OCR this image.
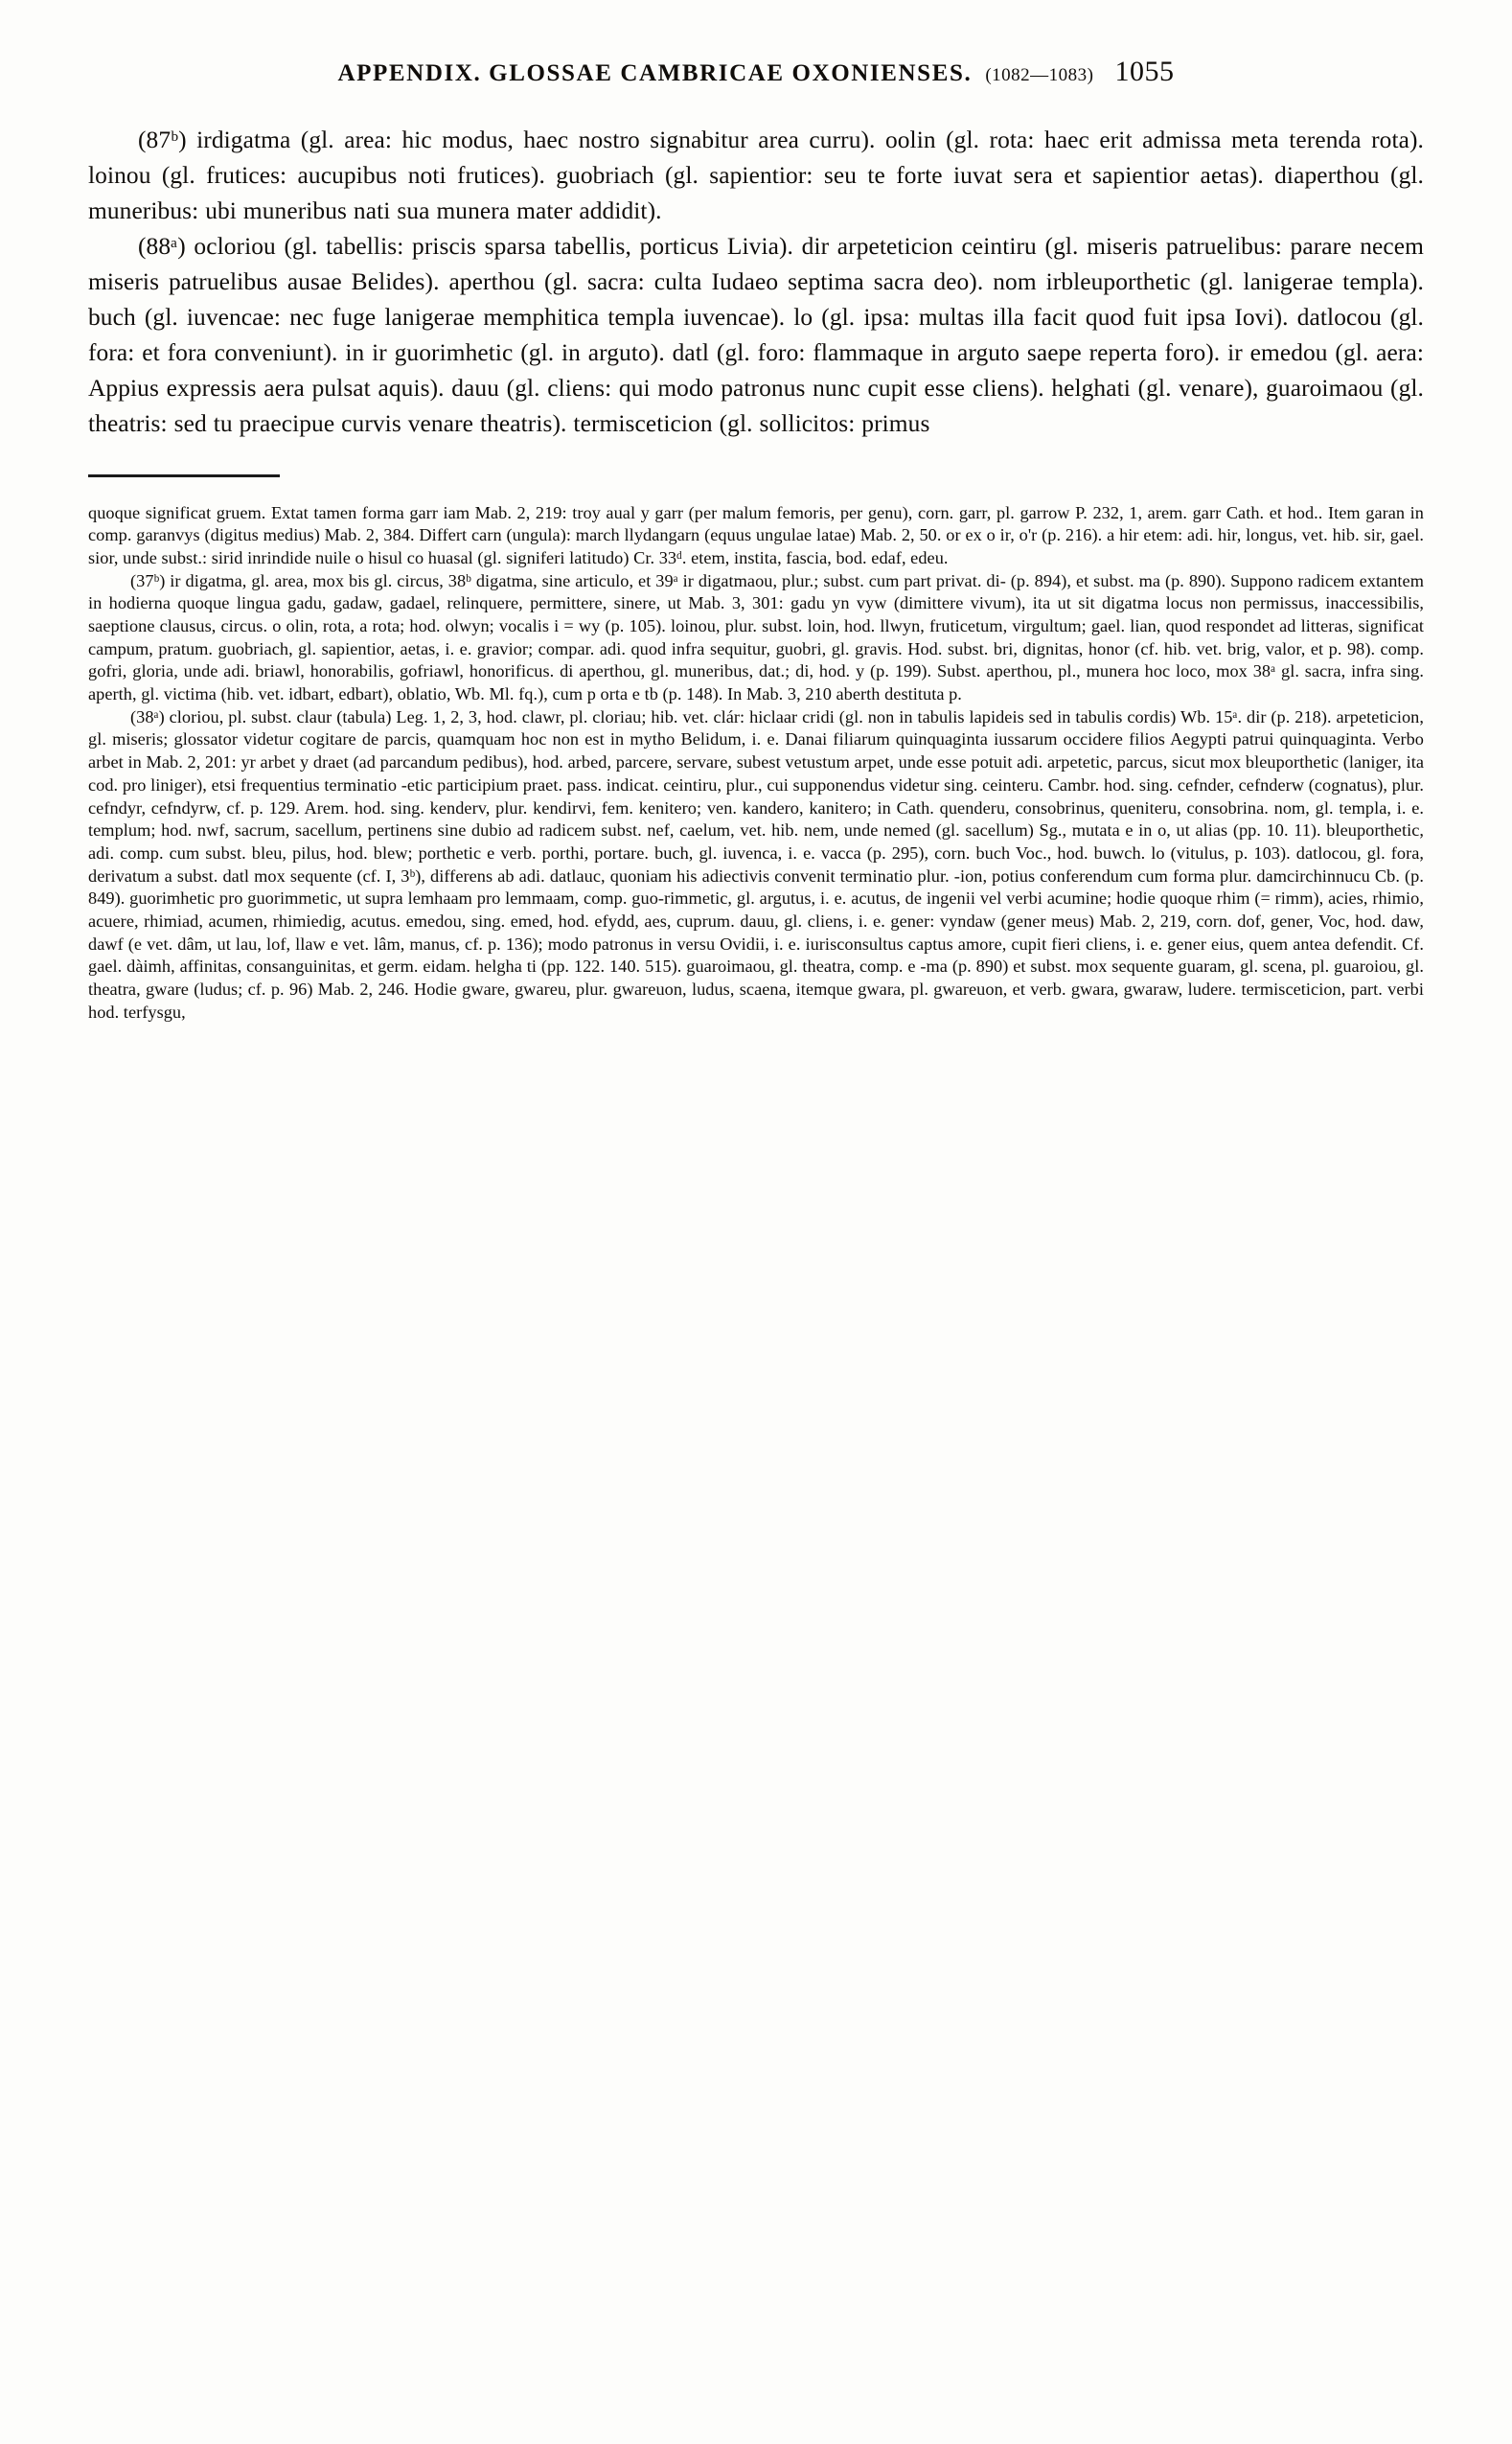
APPENDIX. GLOSSAE CAMBRICAE OXONIENSES. (1082—1083) 1055

(87ᵇ) irdigatma (gl. area: hic modus, haec nostro signabitur area curru). oolin (gl. rota: haec erit admissa meta terenda rota). loinou (gl. frutices: aucupibus noti frutices). guobriach (gl. sapientior: seu te forte iuvat sera et sapientior aetas). diaperthou (gl. muneribus: ubi muneribus nati sua munera mater addidit).

(88ᵃ) ocloriou (gl. tabellis: priscis sparsa tabellis, porticus Livia). dir arpeteticion ceintiru (gl. miseris patruelibus: parare necem miseris patruelibus ausae Belides). aperthou (gl. sacra: culta Iudaeo septima sacra deo). nom irbleuporthetic (gl. lanigerae templa). buch (gl. iuvencae: nec fuge lanigerae memphitica templa iuvencae). lo (gl. ipsa: multas illa facit quod fuit ipsa Iovi). datlocou (gl. fora: et fora conveniunt). in ir guorimhetic (gl. in arguto). datl (gl. foro: flammaque in arguto saepe reperta foro). ir emedou (gl. aera: Appius expressis aera pulsat aquis). dauu (gl. cliens: qui modo patronus nunc cupit esse cliens). helghati (gl. venare), guaroimaou (gl. theatris: sed tu praecipue curvis venare theatris). termisceticion (gl. sollicitos: primus

quoque significat gruem. Extat tamen forma garr iam Mab. 2, 219: troy aual y garr (per malum femoris, per genu), corn. garr, pl. garrow P. 232, 1, arem. garr Cath. et hod.. Item garan in comp. garanvys (digitus medius) Mab. 2, 384. Differt carn (ungula): march llydangarn (equus ungulae latae) Mab. 2, 50. or ex o ir, o'r (p. 216). a hir etem: adi. hir, longus, vet. hib. sir, gael. sior, unde subst.: sirid inrindide nuile o hisul co huasal (gl. signiferi latitudo) Cr. 33ᵈ. etem, instita, fascia, bod. edaf, edeu.

(37ᵇ) ir digatma, gl. area, mox bis gl. circus, 38ᵇ digatma, sine articulo, et 39ᵃ ir digatmaou, plur.; subst. cum part privat. di- (p. 894), et subst. ma (p. 890). Suppono radicem extantem in hodierna quoque lingua gadu, gadaw, gadael, relinquere, permittere, sinere, ut Mab. 3, 301: gadu yn vyw (dimittere vivum), ita ut sit digatma locus non permissus, inaccessibilis, saeptione clausus, circus. o olin, rota, a rota; hod. olwyn; vocalis i = wy (p. 105). loinou, plur. subst. loin, hod. llwyn, fruticetum, virgultum; gael. lian, quod respondet ad litteras, significat campum, pratum. guobriach, gl. sapientior, aetas, i. e. gravior; compar. adi. quod infra sequitur, guobri, gl. gravis. Hod. subst. bri, dignitas, honor (cf. hib. vet. brig, valor, et p. 98). comp. gofri, gloria, unde adi. briawl, honorabilis, gofriawl, honorificus. di aperthou, gl. muneribus, dat.; di, hod. y (p. 199). Subst. aperthou, pl., munera hoc loco, mox 38ᵃ gl. sacra, infra sing. aperth, gl. victima (hib. vet. idbart, edbart), oblatio, Wb. Ml. fq.), cum p orta e tb (p. 148). In Mab. 3, 210 aberth destituta p.

(38ᵃ) cloriou, pl. subst. claur (tabula) Leg. 1, 2, 3, hod. clawr, pl. cloriau; hib. vet. clár: hiclaar cridi (gl. non in tabulis lapideis sed in tabulis cordis) Wb. 15ᵃ. dir (p. 218). arpeteticion, gl. miseris; glossator videtur cogitare de parcis, quamquam hoc non est in mytho Belidum, i. e. Danai filiarum quinquaginta iussarum occidere filios Aegypti patrui quinquaginta. Verbo arbet in Mab. 2, 201: yr arbet y draet (ad parcandum pedibus), hod. arbed, parcere, servare, subest vetustum arpet, unde esse potuit adi. arpetetic, parcus, sicut mox bleuporthetic (laniger, ita cod. pro liniger), etsi frequentius terminatio -etic participium praet. pass. indicat. ceintiru, plur., cui supponendus videtur sing. ceinteru. Cambr. hod. sing. cefnder, cefnderw (cognatus), plur. cefndyr, cefndyrw, cf. p. 129. Arem. hod. sing. kenderv, plur. kendirvi, fem. kenitero; ven. kandero, kanitero; in Cath. quenderu, consobrinus, queniteru, consobrina. nom, gl. templa, i. e. templum; hod. nwf, sacrum, sacellum, pertinens sine dubio ad radicem subst. nef, caelum, vet. hib. nem, unde nemed (gl. sacellum) Sg., mutata e in o, ut alias (pp. 10. 11). bleuporthetic, adi. comp. cum subst. bleu, pilus, hod. blew; porthetic e verb. porthi, portare. buch, gl. iuvenca, i. e. vacca (p. 295), corn. buch Voc., hod. buwch. lo (vitulus, p. 103). datlocou, gl. fora, derivatum a subst. datl mox sequente (cf. I, 3ᵇ), differens ab adi. datlauc, quoniam his adiectivis convenit terminatio plur. -ion, potius conferendum cum forma plur. damcirchinnucu Cb. (p. 849). guorimhetic pro guorimmetic, ut supra lemhaam pro lemmaam, comp. guo-rimmetic, gl. argutus, i. e. acutus, de ingenii vel verbi acumine; hodie quoque rhim (= rimm), acies, rhimio, acuere, rhimiad, acumen, rhimiedig, acutus. emedou, sing. emed, hod. efydd, aes, cuprum. dauu, gl. cliens, i. e. gener: vyndaw (gener meus) Mab. 2, 219, corn. dof, gener, Voc, hod. daw, dawf (e vet. dâm, ut lau, lof, llaw e vet. lâm, manus, cf. p. 136); modo patronus in versu Ovidii, i. e. iurisconsultus captus amore, cupit fieri cliens, i. e. gener eius, quem antea defendit. Cf. gael. dàimh, affinitas, consanguinitas, et germ. eidam. helgha ti (pp. 122. 140. 515). guaroimaou, gl. theatra, comp. e -ma (p. 890) et subst. mox sequente guaram, gl. scena, pl. guaroiou, gl. theatra, gware (ludus; cf. p. 96) Mab. 2, 246. Hodie gware, gwareu, plur. gwareuon, ludus, scaena, itemque gwara, pl. gwareuon, et verb. gwara, gwaraw, ludere. termisceticion, part. verbi hod. terfysgu,
